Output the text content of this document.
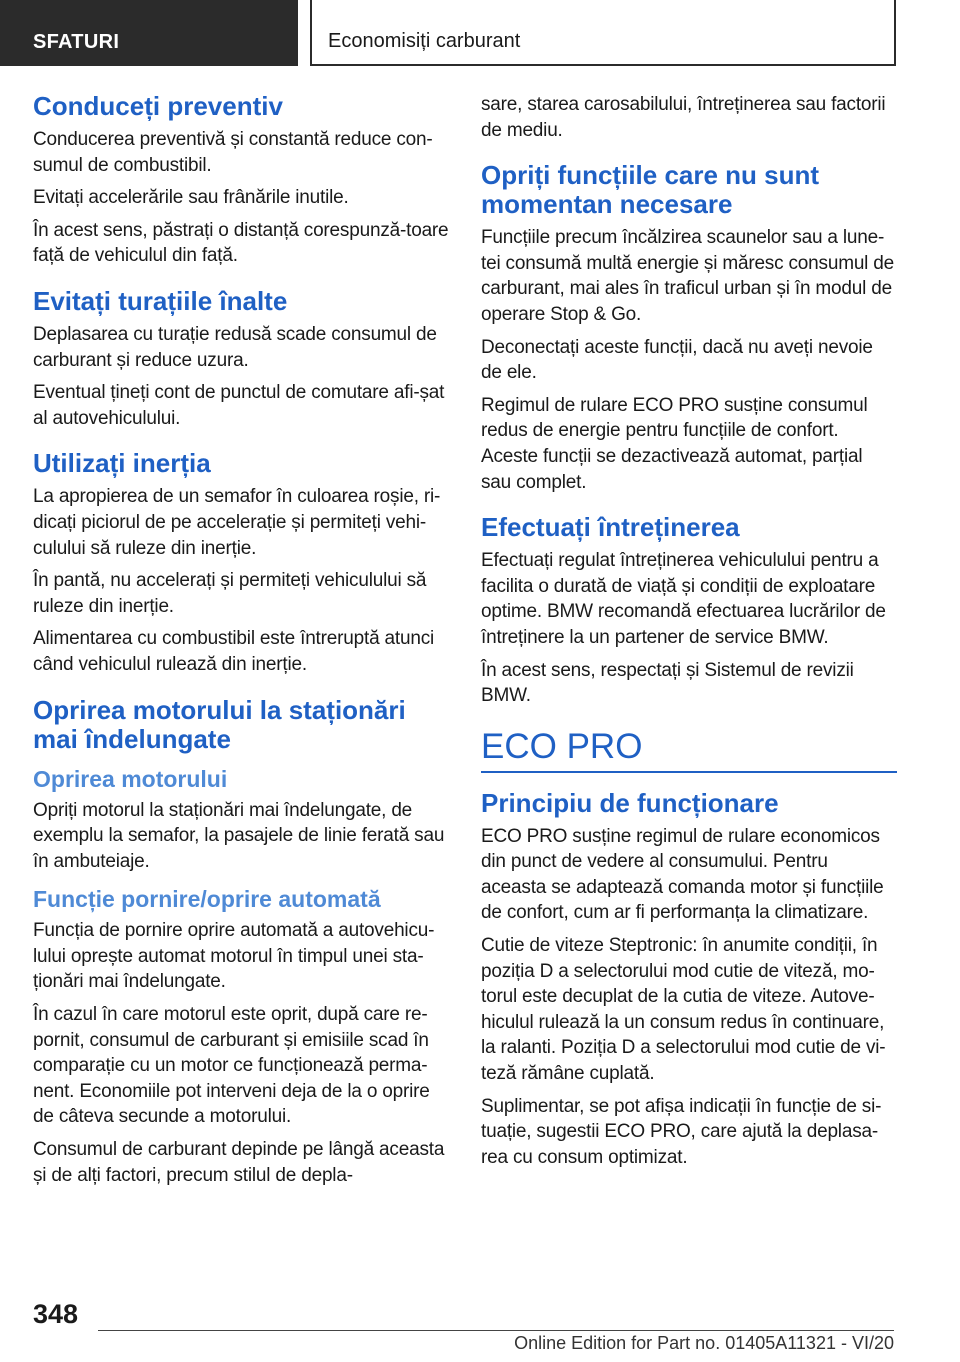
SFATURI	Economisiți carburant
Conduceți preventiv

Conducerea preventivă și constantă reduce con‐sumul de combustibil.

Evitați accelerările sau frânările inutile.

În acest sens, păstrați o distanță corespunză‐toare față de vehiculul din față.

Evitați turațiile înalte

Deplasarea cu turație redusă scade consumul de carburant și reduce uzura.

Eventual țineți cont de punctul de comutare afi‐șat al autovehiculului.

Utilizați inerția

La apropierea de un semafor în culoarea roșie, ri‐dicați piciorul de pe accelerație și permiteți vehi‐culului să ruleze din inerție.

În pantă, nu accelerați și permiteți vehiculului să ruleze din inerție.

Alimentarea cu combustibil este întreruptă atunci când vehiculul rulează din inerție.

Oprirea motorului la staționări mai îndelungate
Oprirea motorului

Opriți motorul la staționări mai îndelungate, de exemplu la semafor, la pasajele de linie ferată sau în ambuteiaje.

Funcție pornire/oprire automată

Funcția de pornire oprire automată a autovehicu‐lului oprește automat motorul în timpul unei sta‐ționări mai îndelungate.

În cazul în care motorul este oprit, după care re‐pornit, consumul de carburant și emisiile scad în comparație cu un motor ce funcționează perma‐nent. Economiile pot interveni deja de la o oprire de câteva secunde a motorului.

Consumul de carburant depinde pe lângă aceasta și de alți factori, precum stilul de depla‐

sare, starea carosabilului, întreținerea sau factorii de mediu.

Opriți funcțiile care nu sunt momentan necesare

Funcțiile precum încălzirea scaunelor sau a lune‐tei consumă multă energie și măresc consumul de carburant, mai ales în traficul urban și în modul de operare Stop & Go.

Deconectați aceste funcții, dacă nu aveți nevoie de ele.

Regimul de rulare ECO PRO susține consumul redus de energie pentru funcțiile de confort. Aceste funcții se dezactivează automat, parțial sau complet.

Efectuați întreținerea

Efectuați regulat întreținerea vehiculului pentru a facilita o durată de viață și condiții de exploatare optime. BMW recomandă efectuarea lucrărilor de întreținere la un partener de service BMW.

În acest sens, respectați și Sistemul de revizii BMW.

ECO PRO
Principiu de funcționare

ECO PRO susține regimul de rulare economicos din punct de vedere al consumului. Pentru aceasta se adaptează comanda motor și funcțiile de confort, cum ar fi performanța la climatizare.

Cutie de viteze Steptronic: în anumite condiții, în poziția D a selectorului mod cutie de viteză, mo‐torul este decuplat de la cutia de viteze. Autove‐hiculul rulează la un consum redus în continuare, la ralanti. Poziția D a selectorului mod cutie de vi‐teză rămâne cuplată.

Suplimentar, se pot afișa indicații în funcție de si‐tuație, sugestii ECO PRO, care ajută la deplasa‐rea cu consum optimizat.

348
Online Edition for Part no. 01405A11321 - VI/20
